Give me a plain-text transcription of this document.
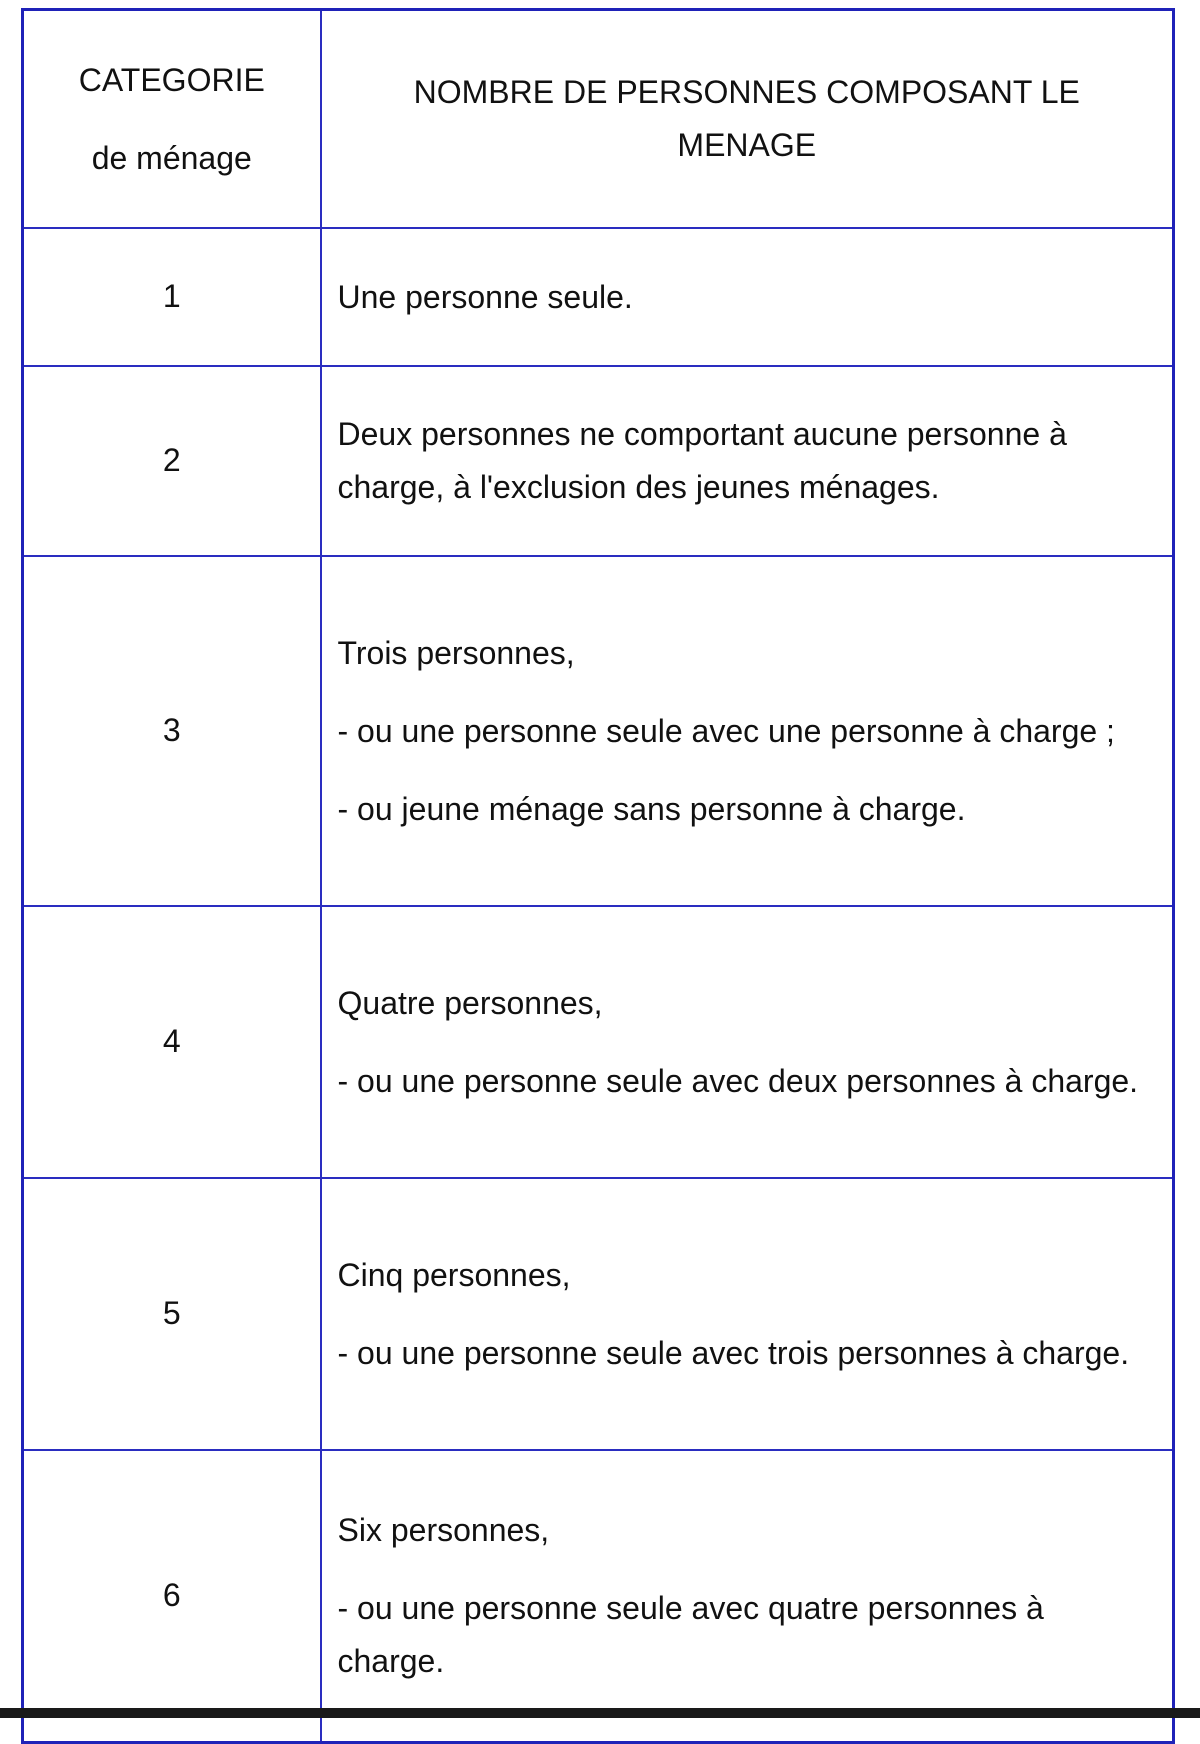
CATEGORIE
de ménage	NOMBRE DE PERSONNES COMPOSANT LE MENAGE
1	Une personne seule.

2	Deux personnes ne comportant aucune personne à charge, à l'exclusion des jeunes ménages.

3	Trois personnes,

- ou une personne seule avec une personne à charge ;

- ou jeune ménage sans personne à charge.

4	Quatre personnes,

- ou une personne seule avec deux personnes à charge.

5	Cinq personnes,

- ou une personne seule avec trois personnes à charge.

6	Six personnes,

- ou une personne seule avec quatre personnes à charge.
